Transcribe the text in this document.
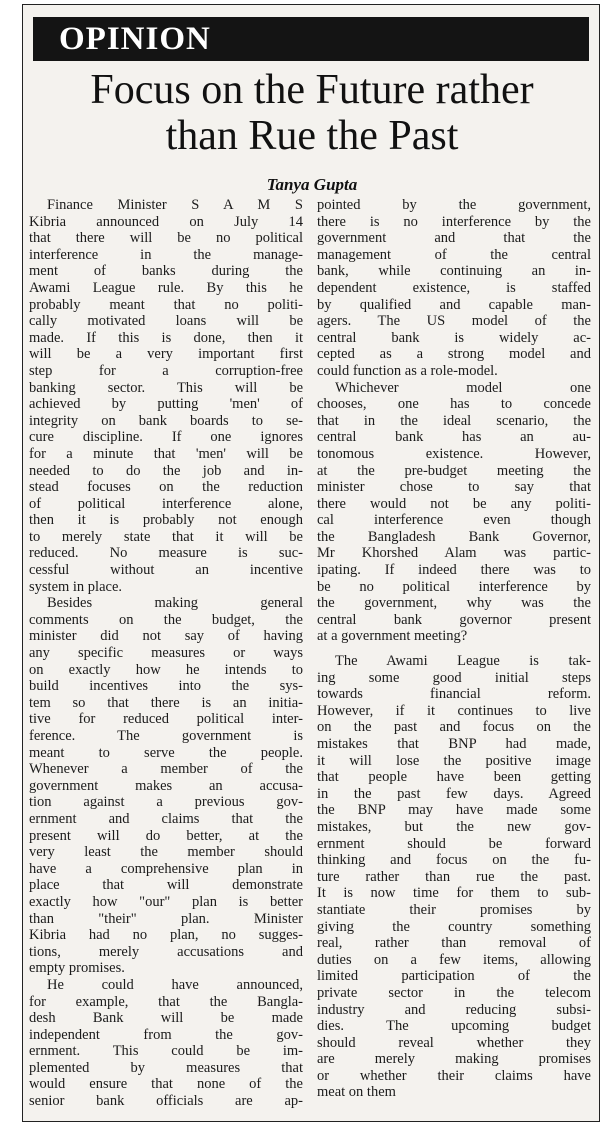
OPINION
Focus on the Future rather
than Rue the Past
Tanya Gupta
Finance Minister S A M S
Kibria announced on July 14
that there will be no political
interference in the manage-
ment of banks during the
Awami League rule. By this he
probably meant that no politi-
cally motivated loans will be
made. If this is done, then it
will be a very important first
step for a corruption-free
banking sector. This will be
achieved by putting 'men' of
integrity on bank boards to se-
cure discipline. If one ignores
for a minute that 'men' will be
needed to do the job and in-
stead focuses on the reduction
of political interference alone,
then it is probably not enough
to merely state that it will be
reduced. No measure is suc-
cessful without an incentive
system in place.
Besides making general
comments on the budget, the
minister did not say of having
any specific measures or ways
on exactly how he intends to
build incentives into the sys-
tem so that there is an initia-
tive for reduced political inter-
ference. The government is
meant to serve the people.
Whenever a member of the
government makes an accusa-
tion against a previous gov-
ernment and claims that the
present will do better, at the
very least the member should
have a comprehensive plan in
place that will demonstrate
exactly how "our" plan is better
than "their" plan. Minister
Kibria had no plan, no sugges-
tions, merely accusations and
empty promises.
He could have announced,
for example, that the Bangla-
desh Bank will be made
independent from the gov-
ernment. This could be im-
plemented by measures that
would ensure that none of the
senior bank officials are ap-
pointed by the government,
there is no interference by the
government and that the
management of the central
bank, while continuing an in-
dependent existence, is staffed
by qualified and capable man-
agers. The US model of the
central bank is widely ac-
cepted as a strong model and
could function as a role-model.
Whichever model one
chooses, one has to concede
that in the ideal scenario, the
central bank has an au-
tonomous existence. However,
at the pre-budget meeting the
minister chose to say that
there would not be any politi-
cal interference even though
the Bangladesh Bank Governor,
Mr Khorshed Alam was partic-
ipating. If indeed there was to
be no political interference by
the government, why was the
central bank governor present
at a government meeting?
The Awami League is tak-
ing some good initial steps
towards financial reform.
However, if it continues to live
on the past and focus on the
mistakes that BNP had made,
it will lose the positive image
that people have been getting
in the past few days. Agreed
the BNP may have made some
mistakes, but the new gov-
ernment should be forward
thinking and focus on the fu-
ture rather than rue the past.
It is now time for them to sub-
stantiate their promises by
giving the country something
real, rather than removal of
duties on a few items, allowing
limited participation of the
private sector in the telecom
industry and reducing subsi-
dies. The upcoming budget
should reveal whether they
are merely making promises
or whether their claims have
meat on them
